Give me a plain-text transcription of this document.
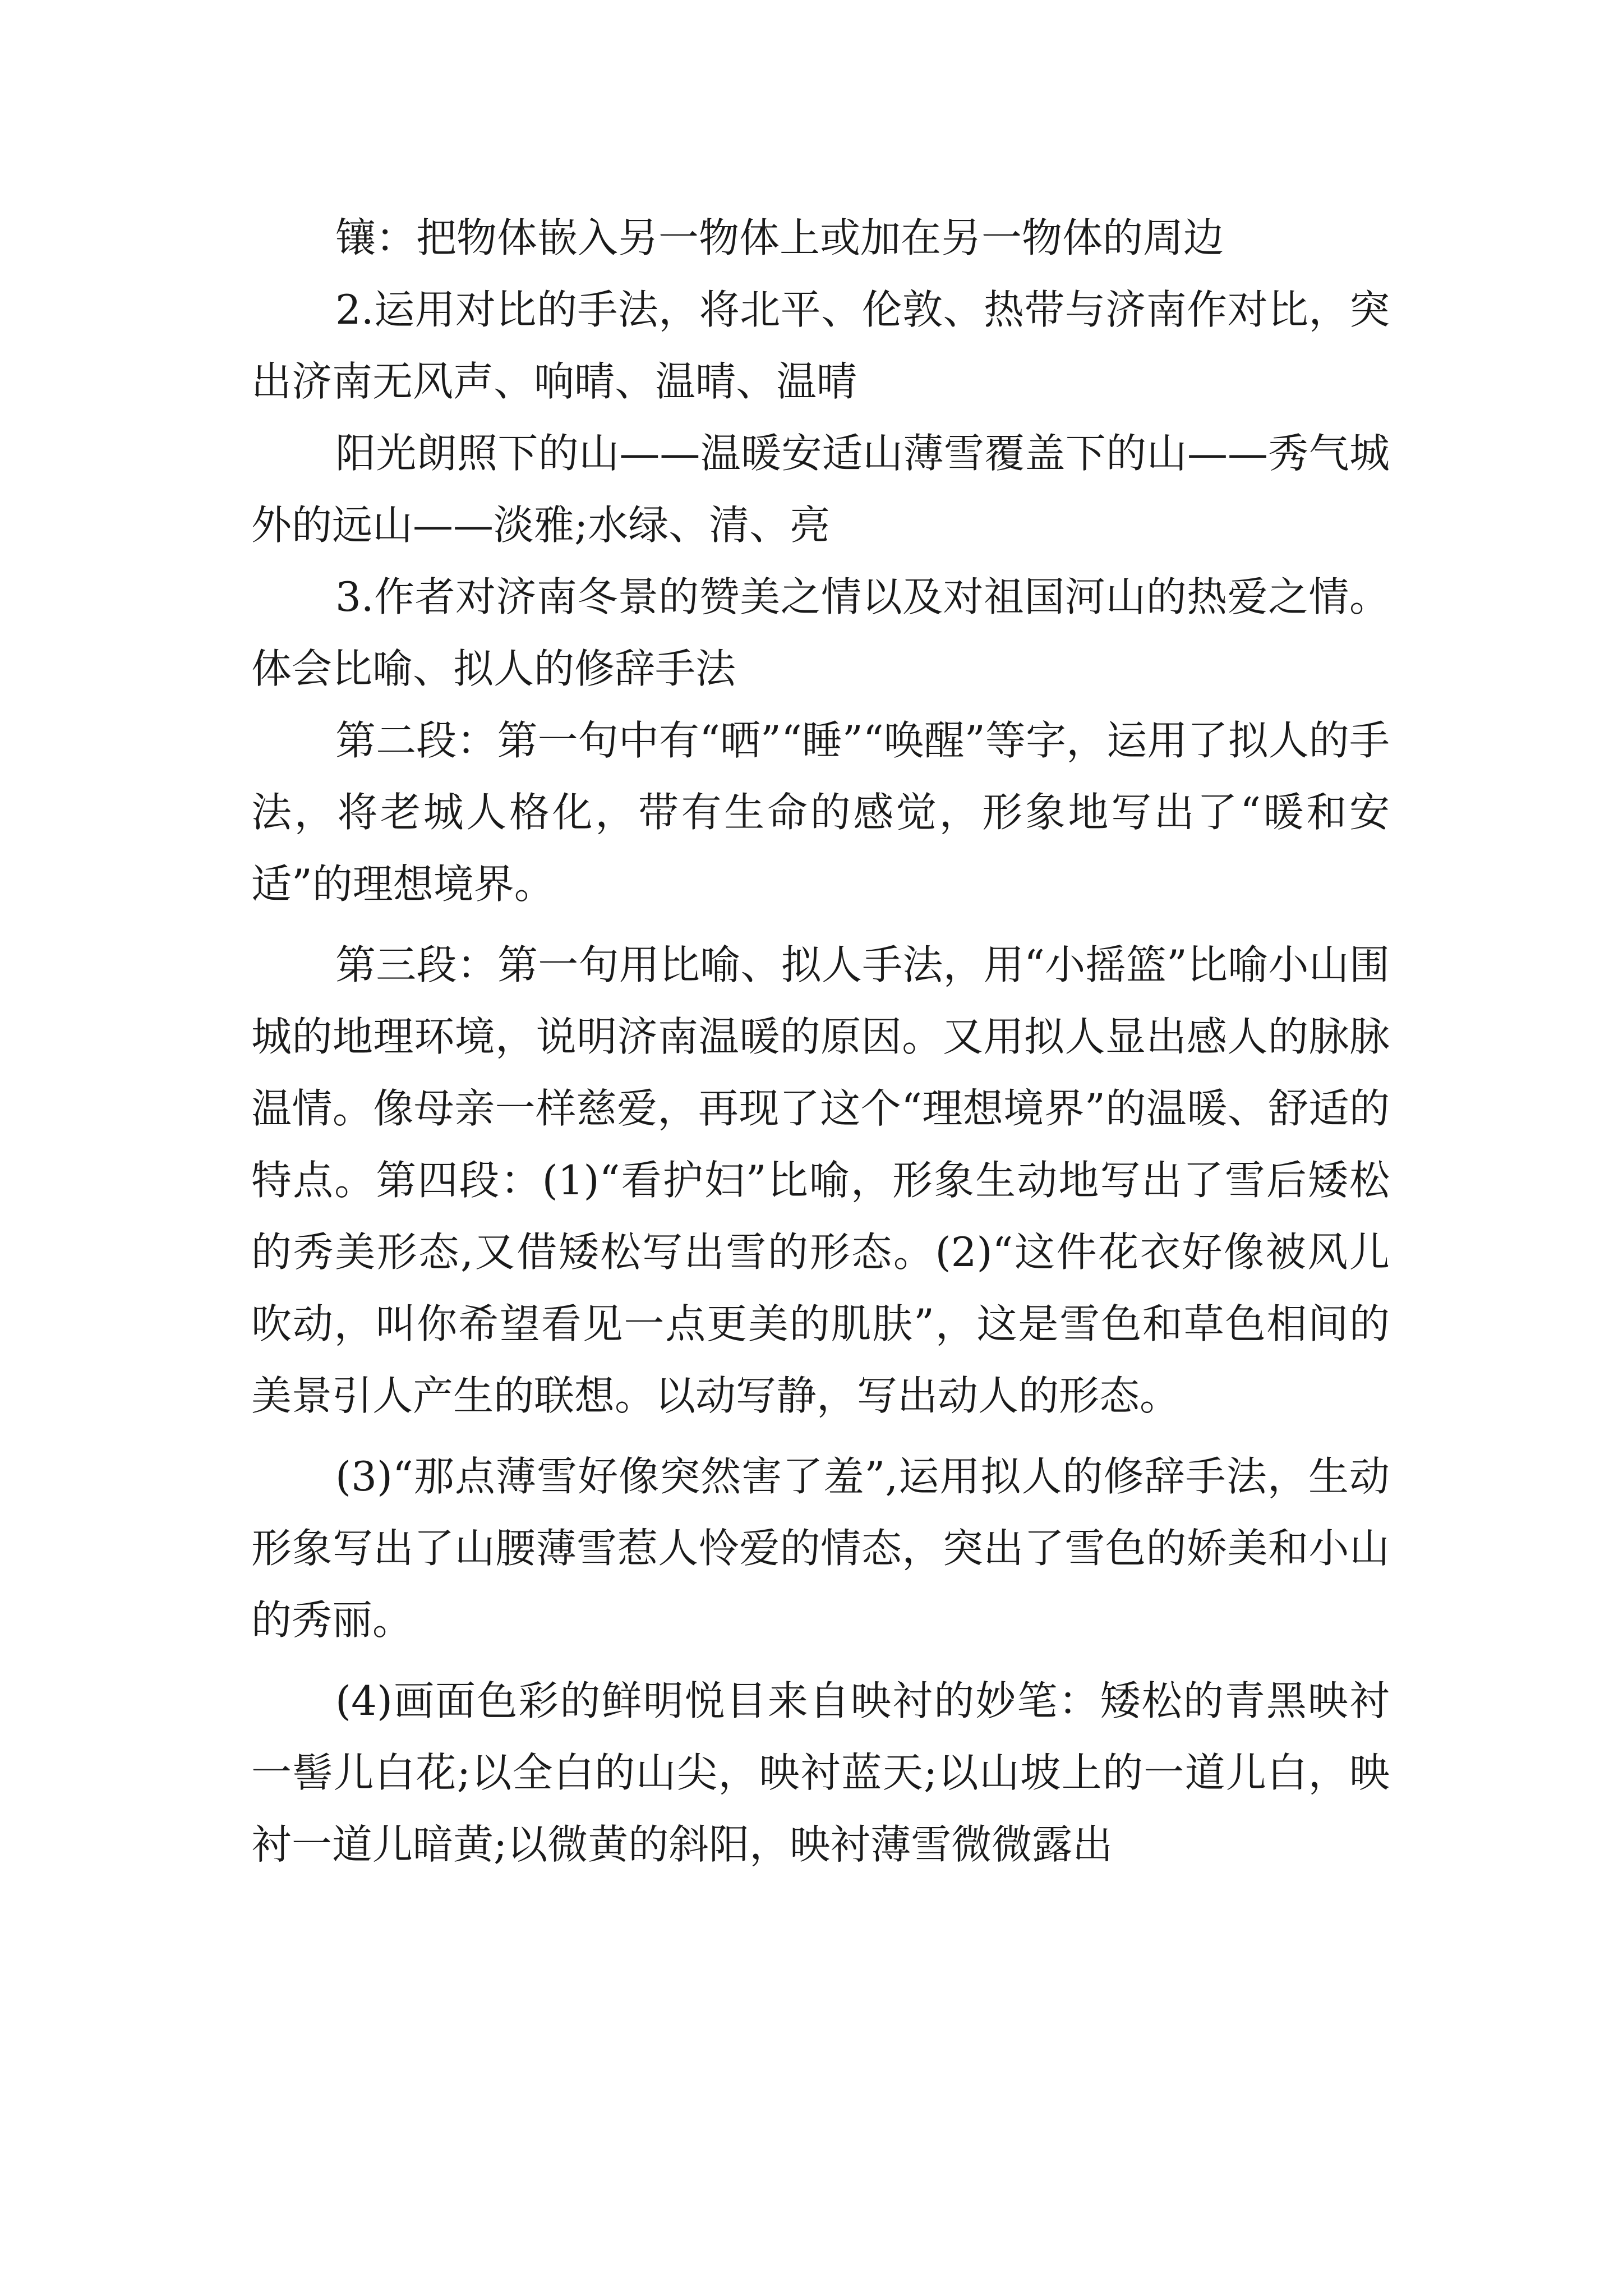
镶：把物体嵌入另一物体上或加在另一物体的周边

2.运用对比的手法，将北平、伦敦、热带与济南作对比，突出济南无风声、响晴、温晴、温晴

阳光朗照下的山——温暖安适山薄雪覆盖下的山——秀气城外的远山——淡雅;水绿、清、亮

3.作者对济南冬景的赞美之情以及对祖国河山的热爱之情。体会比喻、拟人的修辞手法

第二段：第一句中有“晒”“睡”“唤醒”等字，运用了拟人的手法，将老城人格化，带有生命的感觉，形象地写出了“暖和安适”的理想境界。

第三段：第一句用比喻、拟人手法，用“小摇篮”比喻小山围城的地理环境，说明济南温暖的原因。又用拟人显出感人的脉脉温情。像母亲一样慈爱，再现了这个“理想境界”的温暖、舒适的特点。第四段：(1)“看护妇”比喻，形象生动地写出了雪后矮松的秀美形态,又借矮松写出雪的形态。(2)“这件花衣好像被风儿吹动，叫你希望看见一点更美的肌肤”，这是雪色和草色相间的美景引人产生的联想。以动写静，写出动人的形态。

(3)“那点薄雪好像突然害了羞”,运用拟人的修辞手法，生动形象写出了山腰薄雪惹人怜爱的情态，突出了雪色的娇美和小山的秀丽。

(4)画面色彩的鲜明悦目来自映衬的妙笔：矮松的青黑映衬一髻儿白花;以全白的山尖，映衬蓝天;以山坡上的一道儿白，映衬一道儿暗黄;以微黄的斜阳，映衬薄雪微微露出
